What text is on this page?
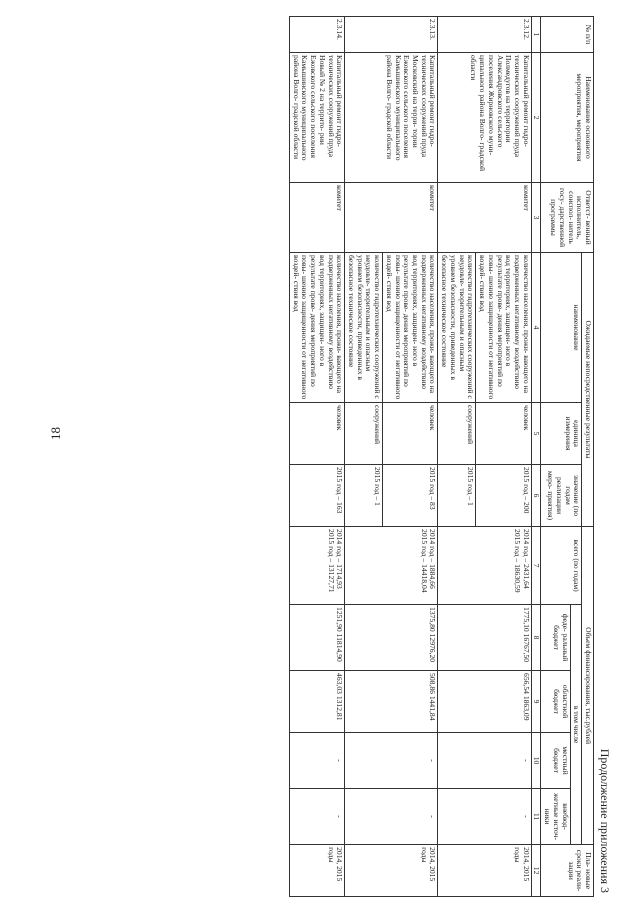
18
Продолжение приложения 3
№ п/п	Наименование основного мероприятия, мероприятия	Ответст- венный исполнитель, соиспол- нитель госу- дарственной программы	Ожидаемые непосредственные результаты			Объем финансирования, тыс.рублей					Пла- новые сроки реали- зации
			наименование	единица измерения	значение (по годам реализации меро- приятия)	всего (по годам)	в том числе				
							феде- ральный бюджет	областной бюджет	местный бюджет	внебюд- жетные источ- ники	
1	2	3	4	5	6	7	8	9	10	11	12
2.3.12.	Капитальный ремонт гидро- технических сооружений пруда Полмедугов на территории Александровского сельского поселения Жирновского муни- ципального района Волго- градской области	комитет	количество населения, прожи- вающего на подверженных негативному воздействию вод территориях, защищен- ного в результате прове- дения мероприятий по повы- шению защищенности от негативного воздей- ствия вод	человек	2015 год – 200	2014 год – 2431,64 2015 год – 18630,59	1775,10 16767,50	656,54 1863,09	-	-	2014, 2015 годы
			количество гидротехнических сооружений с неудовле- творительным и опасным уровнем безопасности, приведенных в безопасное техническое состояние	сооружений	2015 год – 1						
2.3.13.	Капитальный ремонт гидро- технических сооружений пруда Московский на терри- тории Ежовского сельского поселения Камышинского муниципального района Волго- градской области	комитет	количество населения, прожи- вающего на подверженных негативному воздействию вод территориях, защищен- ного в результате прове- дения мероприятий по повы- шению защищенности от негативного воздей- ствия вод	человек	2015 год – 83	2014 год – 1884,66 2015 год – 14418,04	1375,80 12976,20	508,86 1441,84	-	-	2014, 2015 годы
			количество гидротехнических сооружений с неудовле- творительным и опасным уровнем безопасности, приведенных в безопасное техническое состояние	сооружений	2015 год – 1						
2.3.14.	Капитальный ремонт гидро- технических сооружений пруда Новый № 2 на террито- рии Ежовского сельского поселения Камышинского муниципального района Волго- градской области	комитет	количество населения, прожи- вающего на подверженных негативному воздействию вод территориях, защищен- ного в результате прове- дения мероприятий по повы- шению защищенности от негативного воздей- ствия вод	человек	2015 год – 163	2014 год – 1714,93 2015 год – 13127,71	1251,90 11814,90	463,03 1312,81	-	-	2014, 2015 годы
